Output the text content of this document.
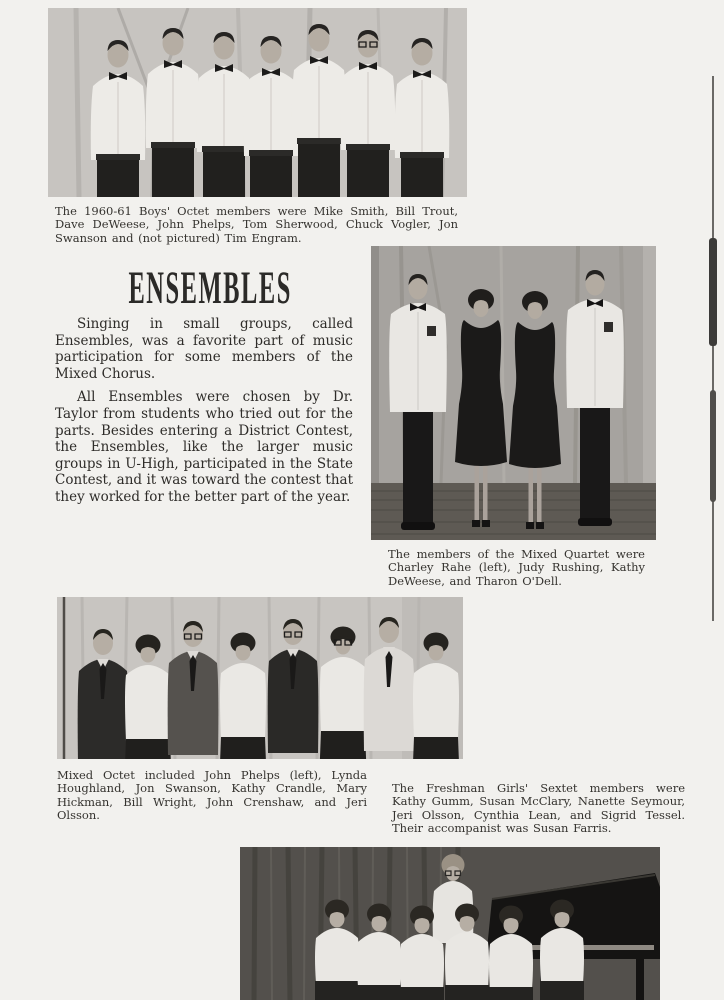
The 1960-61 Boys' Octet members were Mike Smith, Bill Trout, Dave DeWeese, John Phelps, Tom Sherwood, Chuck Vogler, Jon Swanson and (not pictured) Tim Engram.
ENSEMBLES

Singing in small groups, called Ensembles, was a favorite part of music participation for some members of the Mixed Chorus.

All Ensembles were chosen by Dr. Taylor from students who tried out for the parts. Besides entering a District Contest, the Ensembles, like the larger music groups in U-High, participated in the State Contest, and it was toward the contest that they worked for the better part of the year.

The members of the Mixed Quartet were Charley Rahe (left), Judy Rushing, Kathy DeWeese, and Tharon O'Dell.
Mixed Octet included John Phelps (left), Lynda Houghland, Jon Swanson, Kathy Crandle, Mary Hickman, Bill Wright, John Crenshaw, and Jeri Olsson.
The Freshman Girls' Sextet members were Kathy Gumm, Susan McClary, Nanette Seymour, Jeri Olsson, Cynthia Lean, and Sigrid Tessel. Their accompanist was Susan Farris.
